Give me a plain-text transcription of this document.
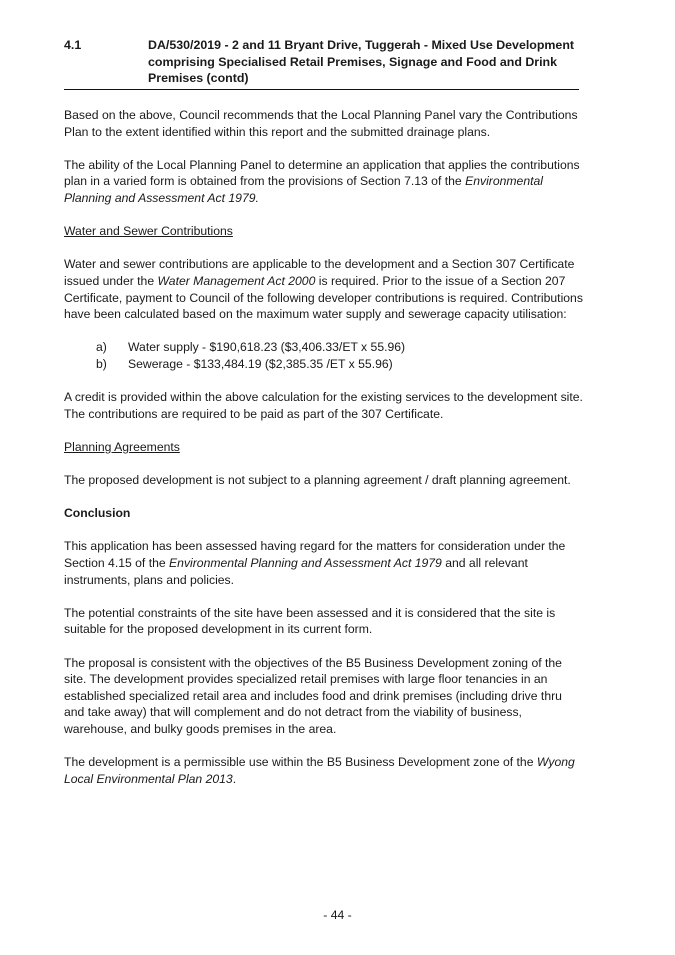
4.1	DA/530/2019 - 2 and 11 Bryant Drive, Tuggerah - Mixed Use Development comprising Specialised Retail Premises, Signage and Food and Drink Premises (contd)

Based on the above, Council recommends that the Local Planning Panel vary the Contributions Plan to the extent identified within this report and the submitted drainage plans.

The ability of the Local Planning Panel to determine an application that applies the contributions plan in a varied form is obtained from the provisions of Section 7.13 of the Environmental Planning and Assessment Act 1979.

Water and Sewer Contributions

Water and sewer contributions are applicable to the development and a Section 307 Certificate issued under the Water Management Act 2000 is required. Prior to the issue of a Section 207 Certificate, payment to Council of the following developer contributions is required. Contributions have been calculated based on the maximum water supply and sewerage capacity utilisation:

a)	Water supply - $190,618.23 ($3,406.33/ET x 55.96)
b)	Sewerage - $133,484.19 ($2,385.35 /ET x 55.96)

A credit is provided within the above calculation for the existing services to the development site. The contributions are required to be paid as part of the 307 Certificate.

Planning Agreements

The proposed development is not subject to a planning agreement / draft planning agreement.

Conclusion

This application has been assessed having regard for the matters for consideration under the Section 4.15 of the Environmental Planning and Assessment Act 1979 and all relevant instruments, plans and policies.

The potential constraints of the site have been assessed and it is considered that the site is suitable for the proposed development in its current form.

The proposal is consistent with the objectives of the B5 Business Development zoning of the site. The development provides specialized retail premises with large floor tenancies in an established specialized retail area and includes food and drink premises (including drive thru and take away) that will complement and do not detract from the viability of business, warehouse, and bulky goods premises in the area.

The development is a permissible use within the B5 Business Development zone of the Wyong Local Environmental Plan 2013.

- 44 -
